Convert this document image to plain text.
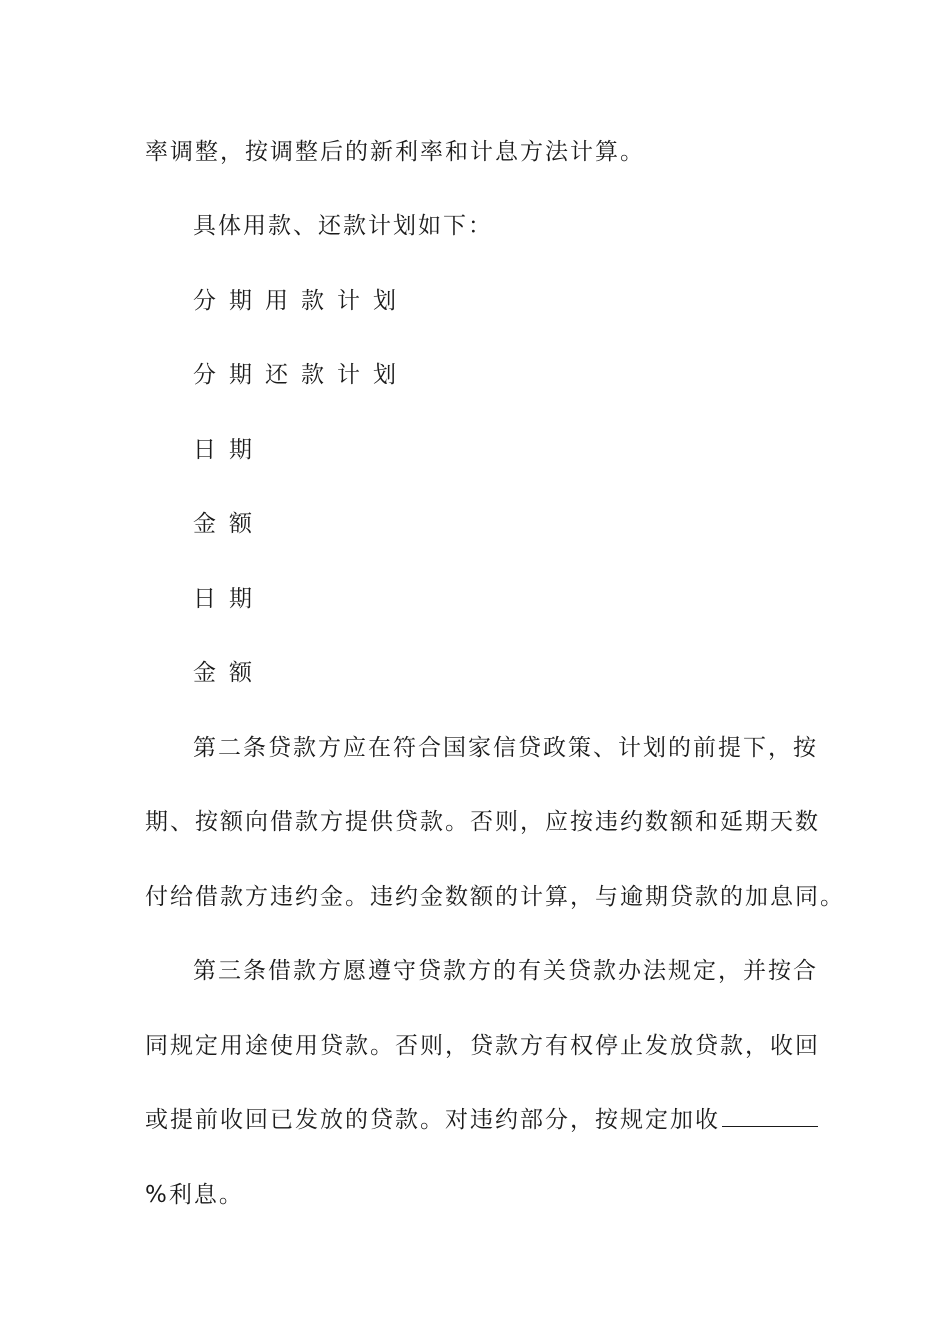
率调整，按调整后的新利率和计息方法计算。
具体用款、还款计划如下：
分期用款计划
分期还款计划
日期
金额
日期
金额
第二条贷款方应在符合国家信贷政策、计划的前提下，按
期、按额向借款方提供贷款。否则，应按违约数额和延期天数
付给借款方违约金。违约金数额的计算，与逾期贷款的加息同。
第三条借款方愿遵守贷款方的有关贷款办法规定，并按合
同规定用途使用贷款。否则，贷款方有权停止发放贷款，收回
或提前收回已发放的贷款。对违约部分，按规定加收
%利息。
